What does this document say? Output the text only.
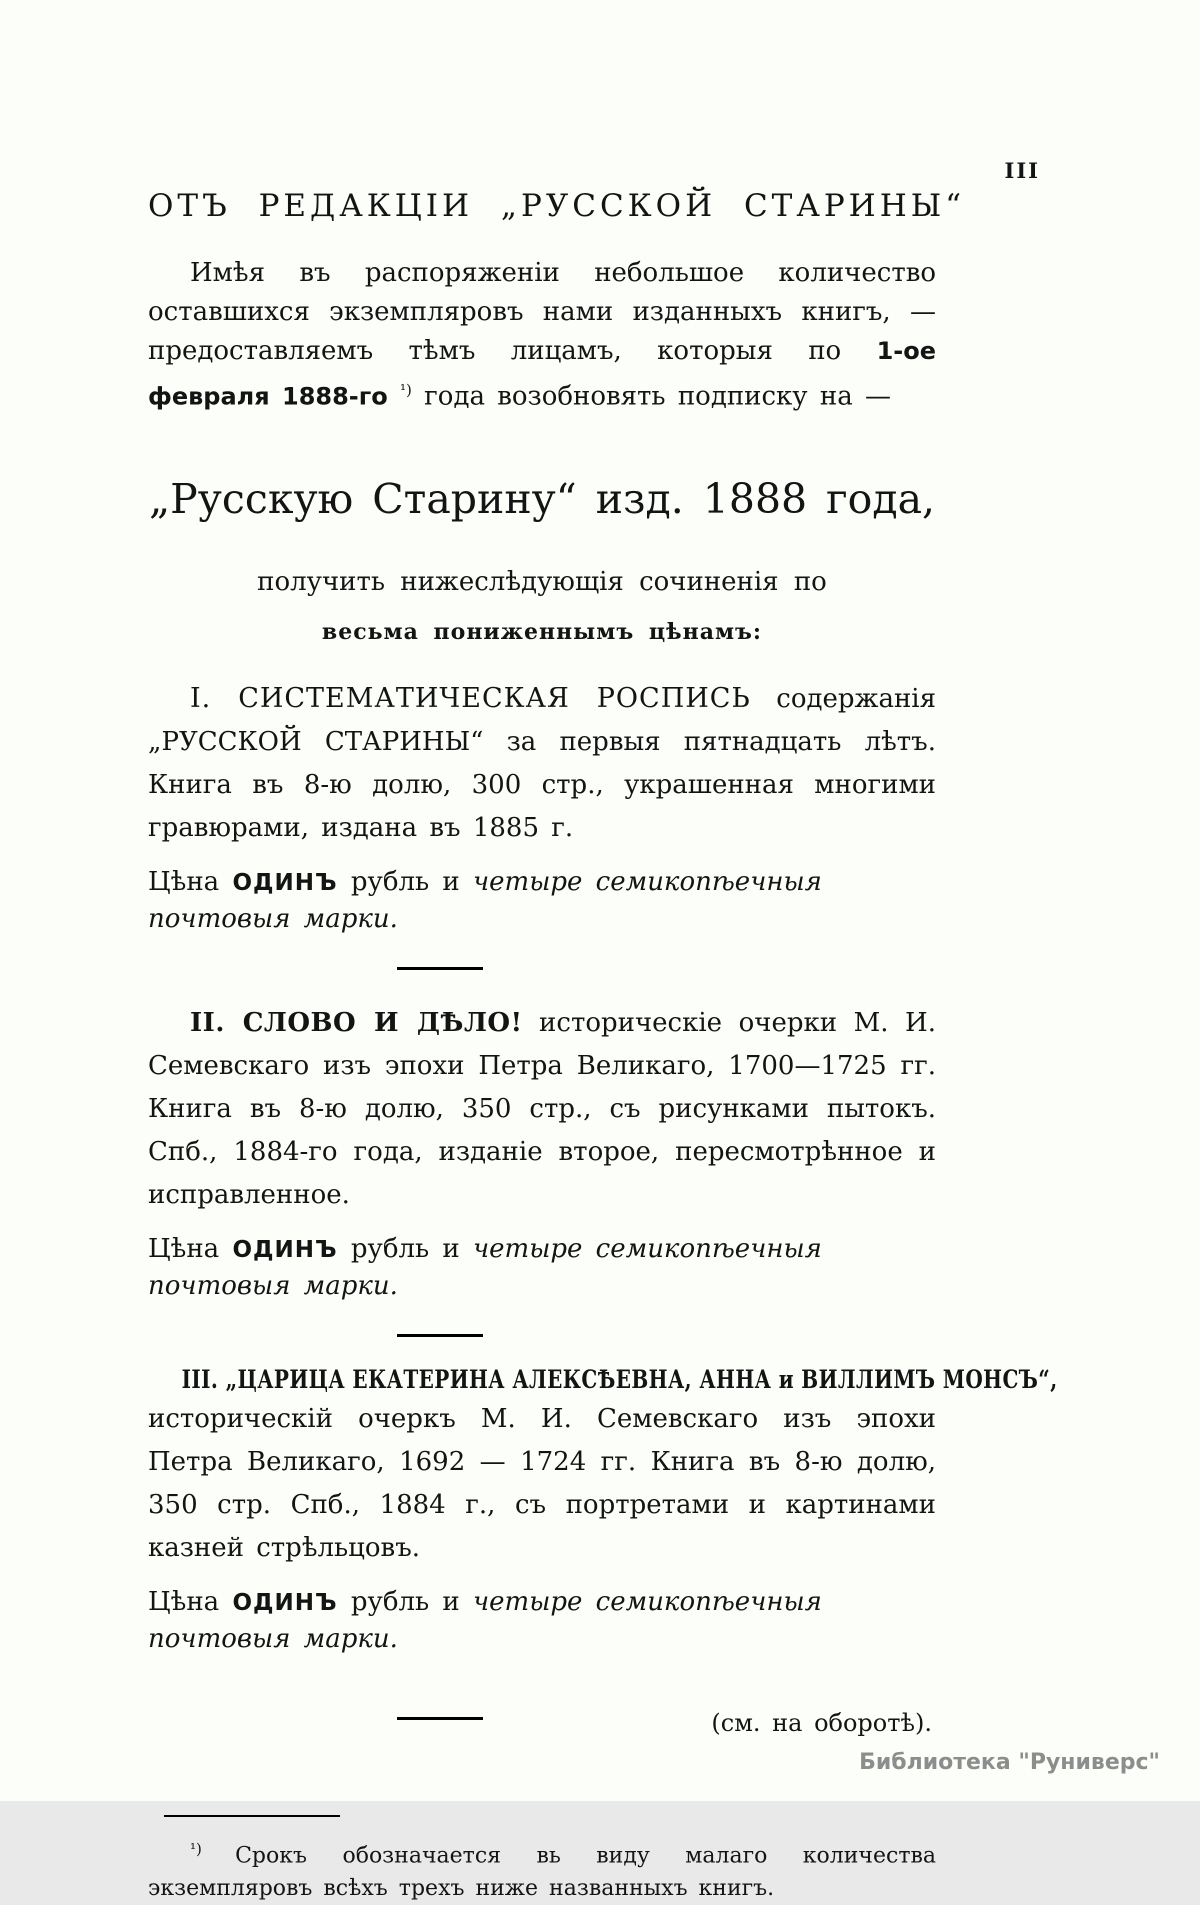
III
ОТЪ РЕДАКЦІИ „РУССКОЙ СТАРИНЫ“

Имѣя въ распоряженіи небольшое количество оставшихся экземпляровъ нами изданныхъ книгъ, — предоставляемъ тѣмъ лицамъ, которыя по 1-ое февраля 1888-го $^{^1)}$ года возобновять подписку на —

„Русскую Старину“ изд. 1888 года,
получить нижеслѣдующія сочиненія по
весьма пониженнымъ цѣнамъ:

I. СИСТЕМАТИЧЕСКАЯ РОСПИСЬ содержанія „РУССКОЙ СТАРИНЫ“ за первыя пятнадцать лѣтъ. Книга въ 8-ю долю, 300 стр., украшенная многими гравюрами, издана въ 1885 г.

Цѣна ОДИНЪ рубль и четыре семикопѣечныя почтовыя марки.

II. СЛОВО И ДѢЛО! историческіе очерки М. И. Семевскаго изъ эпохи Петра Великаго, 1700—1725 гг. Книга въ 8-ю долю, 350 стр., съ рисунками пытокъ. Спб., 1884-го года, изданіе второе, пересмотрѣнное и исправленное.

Цѣна ОДИНЪ рубль и четыре семикопѣечныя почтовыя марки.

III. „ЦАРИЦА ЕКАТЕРИНА АЛЕКСѢЕВНА, АННА и ВИЛЛИМЪ МОНСЪ“,

историческій очеркъ М. И. Семевскаго изъ эпохи Петра Великаго, 1692 — 1724 гг. Книга въ 8-ю долю, 350 стр. Спб., 1884 г., съ портретами и картинами казней стрѣльцовъ.

Цѣна ОДИНЪ рубль и четыре семикопѣечныя почтовыя марки.

(см. на оборотѣ).

$^{^1)}$ Срокъ обозначается вь виду малаго количества экземпляровъ всѣхъ трехъ ниже названныхъ книгъ.

Библиотека "Руниверс"
